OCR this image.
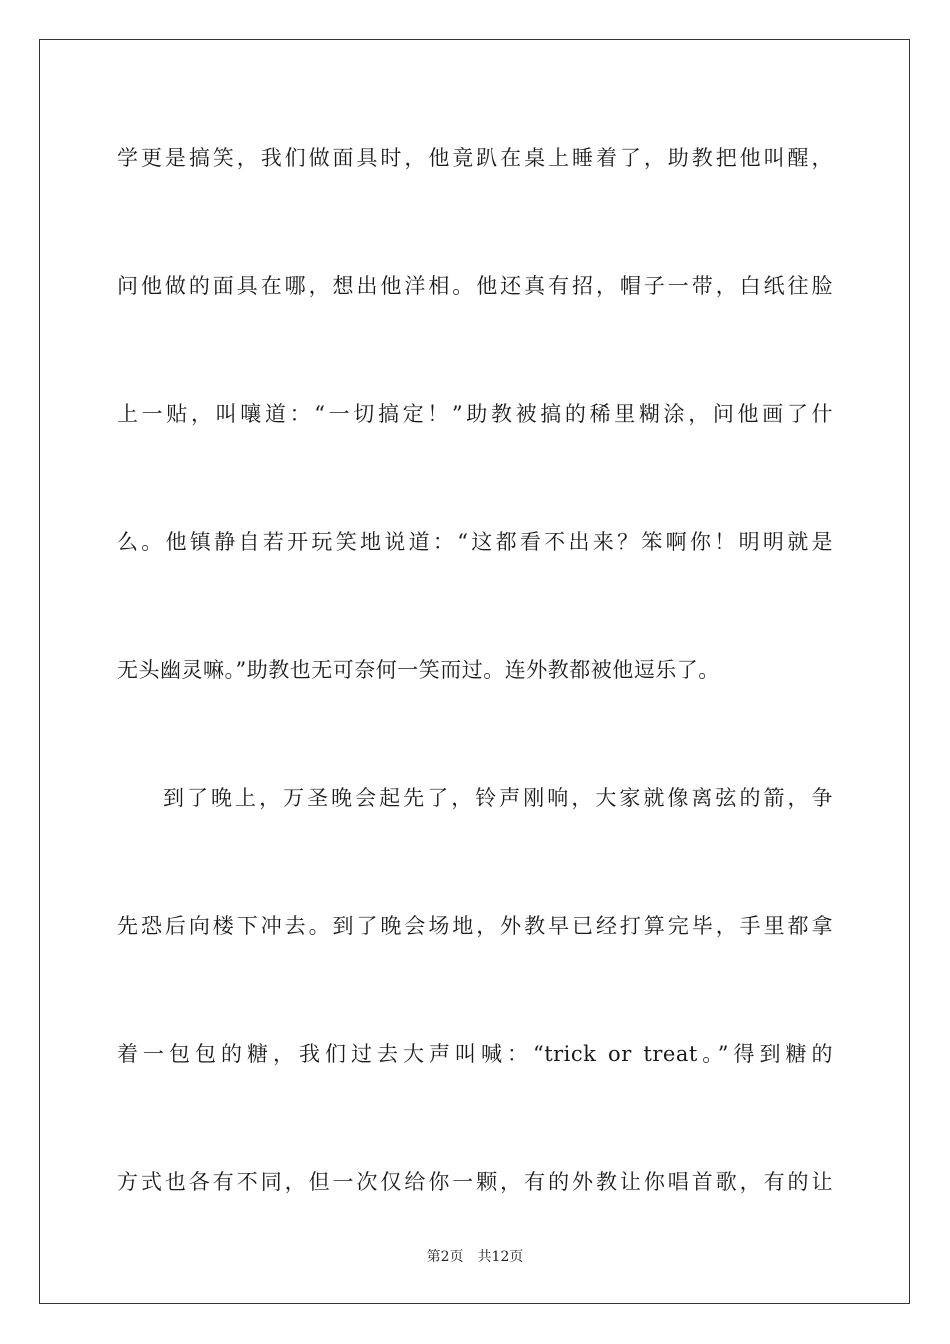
学更是搞笑，我们做面具时，他竟趴在桌上睡着了，助教把他叫醒，
问他做的面具在哪，想出他洋相。他还真有招，帽子一带，白纸往脸
上一贴，叫嚷道：“一切搞定！”助教被搞的稀里糊涂，问他画了什
么。他镇静自若开玩笑地说道：“这都看不出来？笨啊你！明明就是
无头幽灵嘛。”助教也无可奈何一笑而过。连外教都被他逗乐了。
到了晚上，万圣晚会起先了，铃声刚响，大家就像离弦的箭，争
先恐后向楼下冲去。到了晚会场地，外教早已经打算完毕，手里都拿
着一包包的糖，我们过去大声叫喊：“trick or treat。”得到糖的
方式也各有不同，但一次仅给你一颗，有的外教让你唱首歌，有的让
第2页 共12页
